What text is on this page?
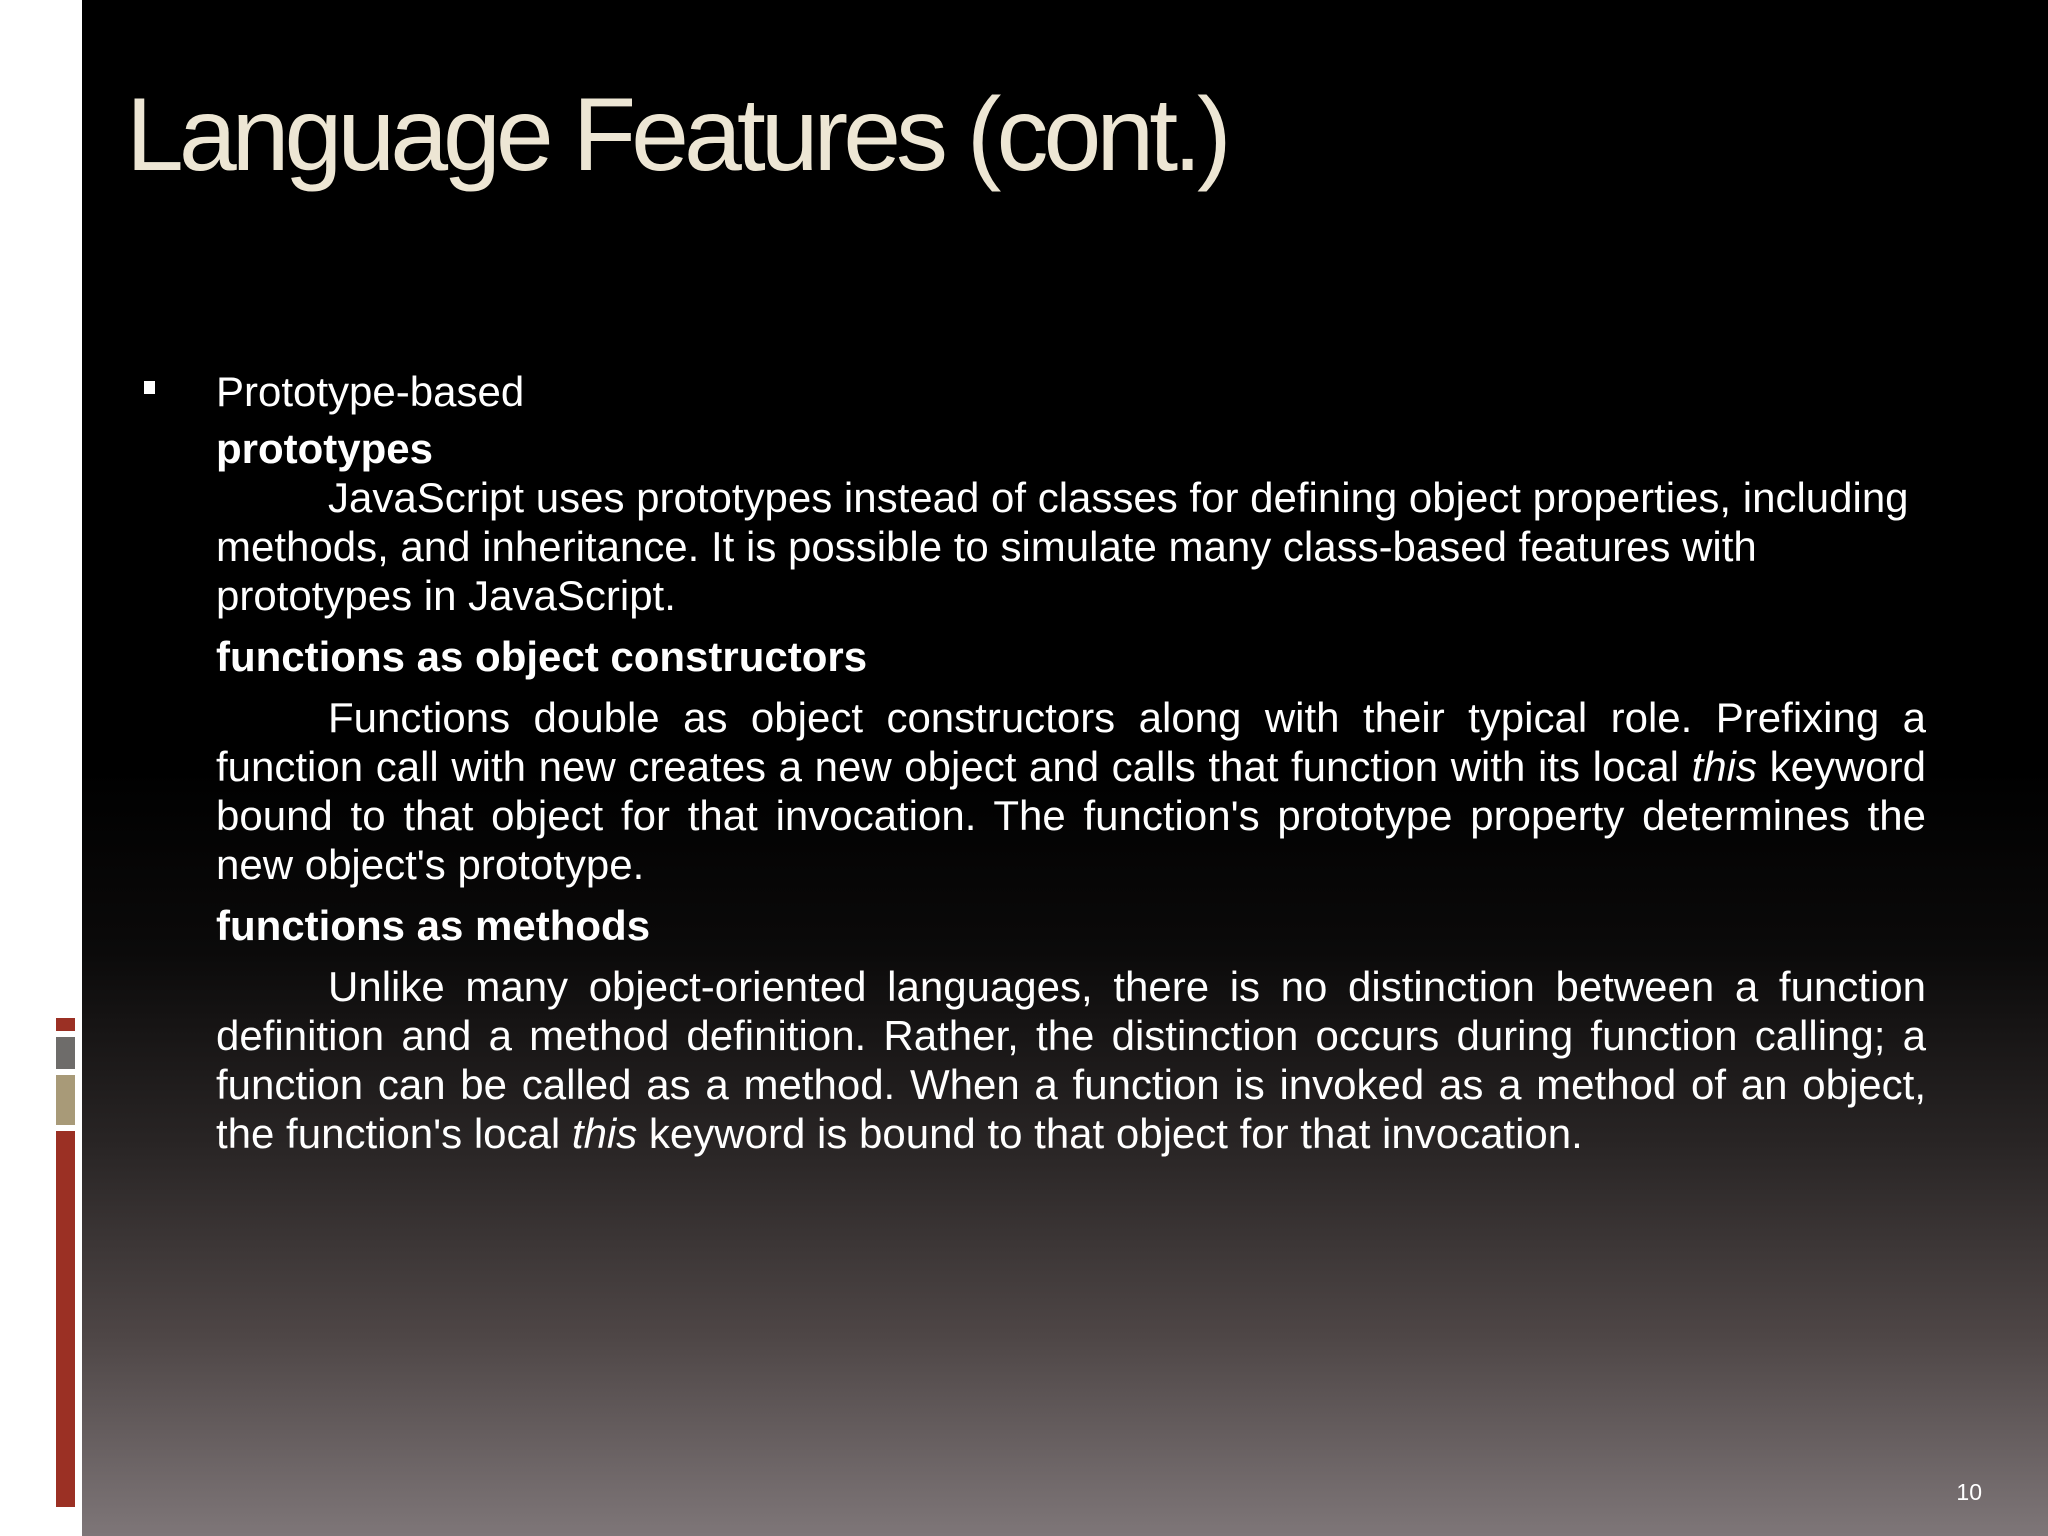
Language Features (cont.)

Prototype-based

prototypes

JavaScript uses prototypes instead of classes for defining object properties, including methods, and inheritance. It is possible to simulate many class-based features with prototypes in JavaScript.

functions as object constructors

Functions double as object constructors along with their typical role. Prefixing a function call with new creates a new object and calls that function with its local this keyword bound to that object for that invocation. The function's prototype property determines the new object's prototype.

functions as methods

Unlike many object-oriented languages, there is no distinction between a function definition and a method definition. Rather, the distinction occurs during function calling; a function can be called as a method. When a function is invoked as a method of an object, the function's local this keyword is bound to that object for that invocation.

10
